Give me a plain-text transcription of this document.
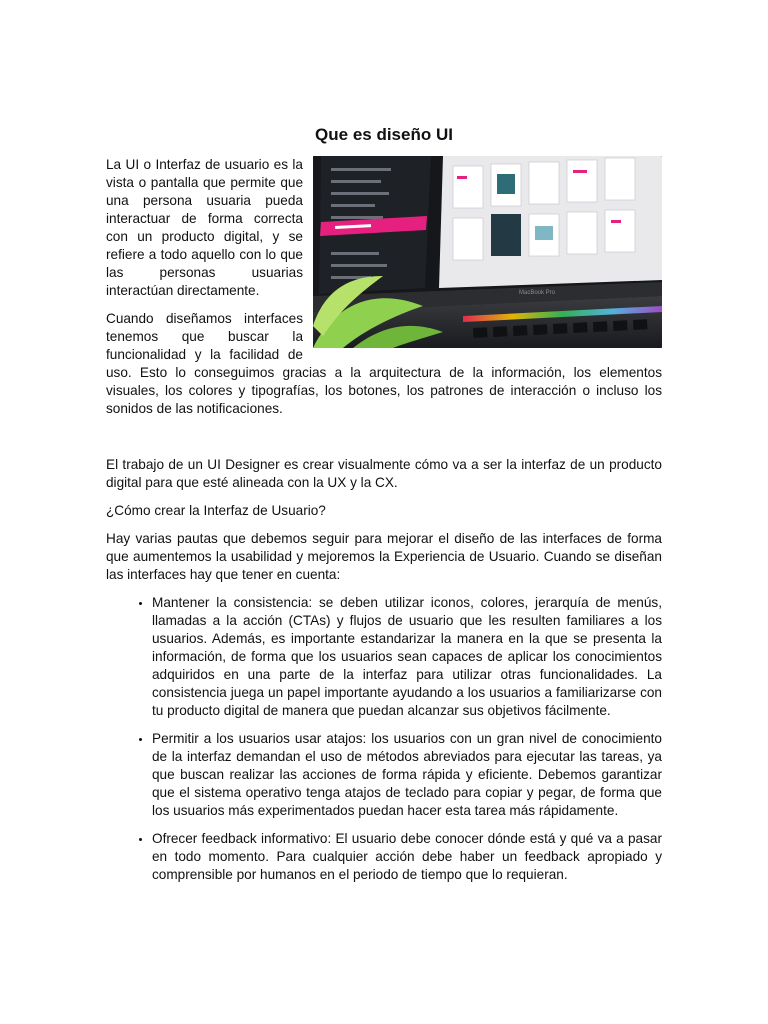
Que es diseño UI
MacBook Pro

La UI o Interfaz de usuario es la vista o pantalla que permite que una persona usuaria pueda interactuar de forma correcta con un producto digital, y se refiere a todo aquello con lo que las personas usuarias interactúan directamente.

Cuando diseñamos interfaces tenemos que buscar la funcionalidad y la facilidad de uso. Esto lo conseguimos gracias a la arquitectura de la información, los elementos visuales, los colores y tipografías, los botones, los patrones de interacción o incluso los sonidos de las notificaciones.

El trabajo de un UI Designer es crear visualmente cómo va a ser la interfaz de un producto digital para que esté alineada con la UX y la CX.

¿Cómo crear la Interfaz de Usuario?

Hay varias pautas que debemos seguir para mejorar el diseño de las interfaces de forma que aumentemos la usabilidad y mejoremos la Experiencia de Usuario. Cuando se diseñan las interfaces hay que tener en cuenta:

• Mantener la consistencia: se deben utilizar iconos, colores, jerarquía de menús, llamadas a la acción (CTAs) y flujos de usuario que les resulten familiares a los usuarios. Además, es importante estandarizar la manera en la que se presenta la información, de forma que los usuarios sean capaces de aplicar los conocimientos adquiridos en una parte de la interfaz para utilizar otras funcionalidades. La consistencia juega un papel importante ayudando a los usuarios a familiarizarse con tu producto digital de manera que puedan alcanzar sus objetivos fácilmente.
• Permitir a los usuarios usar atajos: los usuarios con un gran nivel de conocimiento de la interfaz demandan el uso de métodos abreviados para ejecutar las tareas, ya que buscan realizar las acciones de forma rápida y eficiente. Debemos garantizar que el sistema operativo tenga atajos de teclado para copiar y pegar, de forma que los usuarios más experimentados puedan hacer esta tarea más rápidamente.
• Ofrecer feedback informativo: El usuario debe conocer dónde está y qué va a pasar en todo momento. Para cualquier acción debe haber un feedback apropiado y comprensible por humanos en el periodo de tiempo que lo requieran.
